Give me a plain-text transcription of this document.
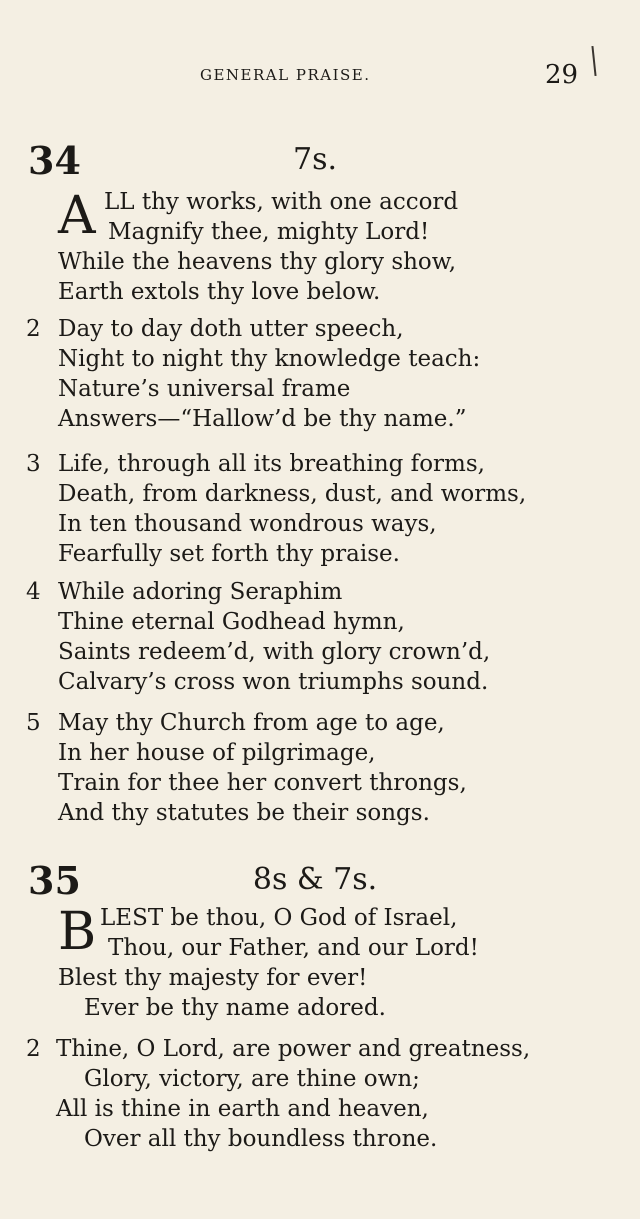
GENERAL PRAISE.	29
34	7s.
A LL thy works, with one accord
Magnify thee, mighty Lord!
While the heavens thy glory show,
Earth extols thy love below.
2 Day to day doth utter speech,
Night to night thy knowledge teach:
Nature’s universal frame
Answers—“Hallow’d be thy name.”
3 Life, through all its breathing forms,
Death, from darkness, dust, and worms,
In ten thousand wondrous ways,
Fearfully set forth thy praise.
4 While adoring Seraphim
Thine eternal Godhead hymn,
Saints redeem’d, with glory crown’d,
Calvary’s cross won triumphs sound.
5 May thy Church from age to age,
In her house of pilgrimage,
Train for thee her convert throngs,
And thy statutes be their songs.
35	8s & 7s.
B LEST be thou, O God of Israel,
Thou, our Father, and our Lord!
Blest thy majesty for ever!
Ever be thy name adored.
2 Thine, O Lord, are power and greatness,
Glory, victory, are thine own;
All is thine in earth and heaven,
Over all thy boundless throne.
